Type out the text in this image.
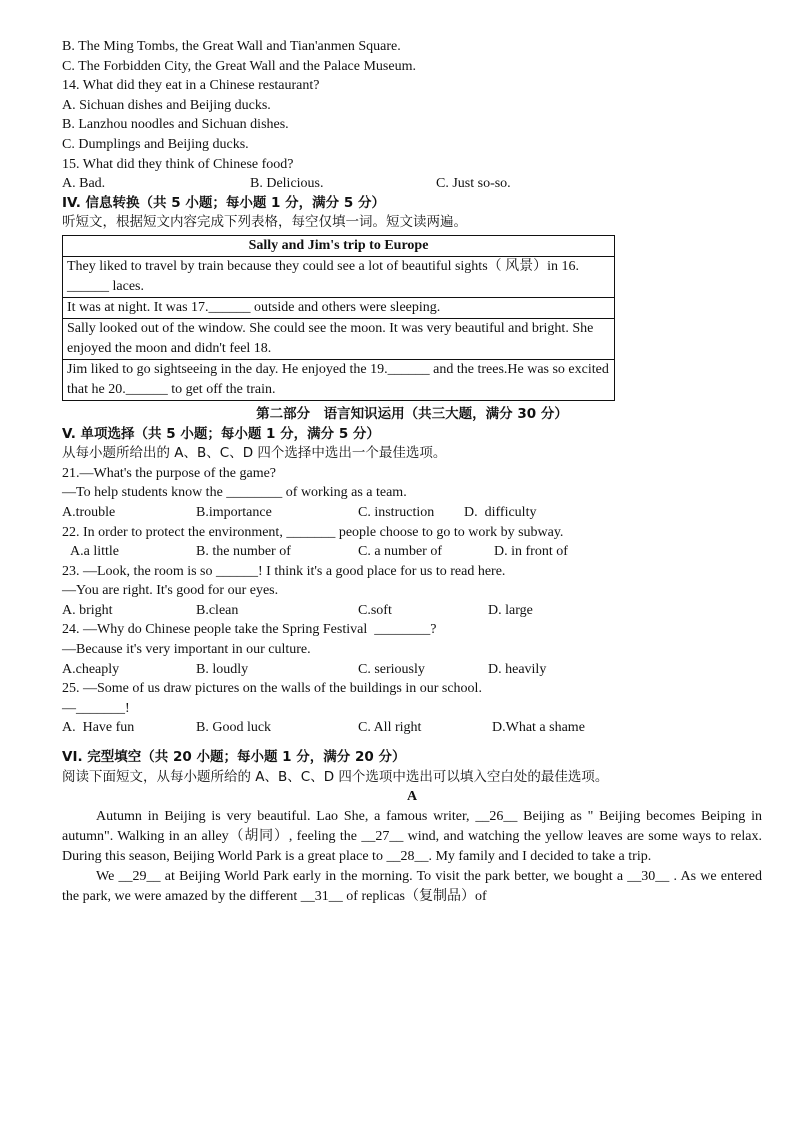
B. The Ming Tombs, the Great Wall and Tian'anmen Square.
C. The Forbidden City, the Great Wall and the Palace Museum.
14. What did they eat in a Chinese restaurant?
A. Sichuan dishes and Beijing ducks.
B. Lanzhou noodles and Sichuan dishes.
C. Dumplings and Beijing ducks.
15. What did they think of Chinese food?
A. Bad.	B. Delicious.	C. Just so-so.
IV. 信息转换（共 5 小题；每小题 1 分，满分 5 分）
听短文，根据短文内容完成下列表格，每空仅填一词。短文读两遍。
Sally and Jim's trip to Europe
They liked to travel by train because they could see a lot of beautiful sights（ 风景）in 16. ______ laces.
It was at night. It was 17.______ outside and others were sleeping.
Sally looked out of the window. She could see the moon. It was very beautiful and bright. She enjoyed the moon and didn't feel 18.
Jim liked to go sightseeing in the day. He enjoyed the 19.______ and the trees.He was so excited that he 20.______ to get off the train.
第二部分　语言知识运用（共三大题，满分 30 分）
V. 单项选择（共 5 小题；每小题 1 分，满分 5 分）
从每小题所给出的 A、B、C、D 四个选择中选出一个最佳选项。
21.—What's the purpose of the game?
—To help students know the ________ of working as a team.
A.trouble	B.importance	C. instruction	D.  difficulty
22. In order to protect the environment, _______ people choose to go to work by subway.
A.a little	B. the number of	C. a number of	D. in front of
23. —Look, the room is so ______! I think it's a good place for us to read here.
—You are right. It's good for our eyes.
A. bright	B.clean	C.soft	D. large
24. —Why do Chinese people take the Spring Festival  ________?
—Because it's very important in our culture.
A.cheaply	B. loudly	C. seriously	D. heavily
25. —Some of us draw pictures on the walls of the buildings in our school.
—_______!
A.  Have fun	B. Good luck	C. All right	D.What a shame
VI. 完型填空（共 20 小题；每小题 1 分，满分 20 分）
阅读下面短文，从每小题所给的 A、B、C、D 四个选项中选出可以填入空白处的最佳选项。
A
Autumn in Beijing is very beautiful. Lao She, a famous writer, __26__ Beijing as " Beijing becomes Beiping in autumn". Walking in an alley（胡同）, feeling the __27__ wind, and watching the yellow leaves are some ways to relax. During this season, Beijing World Park is a great place to __28__. My family and I decided to take a trip.
We __29__ at Beijing World Park early in the morning. To visit the park better, we bought a __30__ . As we entered the park, we were amazed by the different __31__ of replicas（复制品）of
